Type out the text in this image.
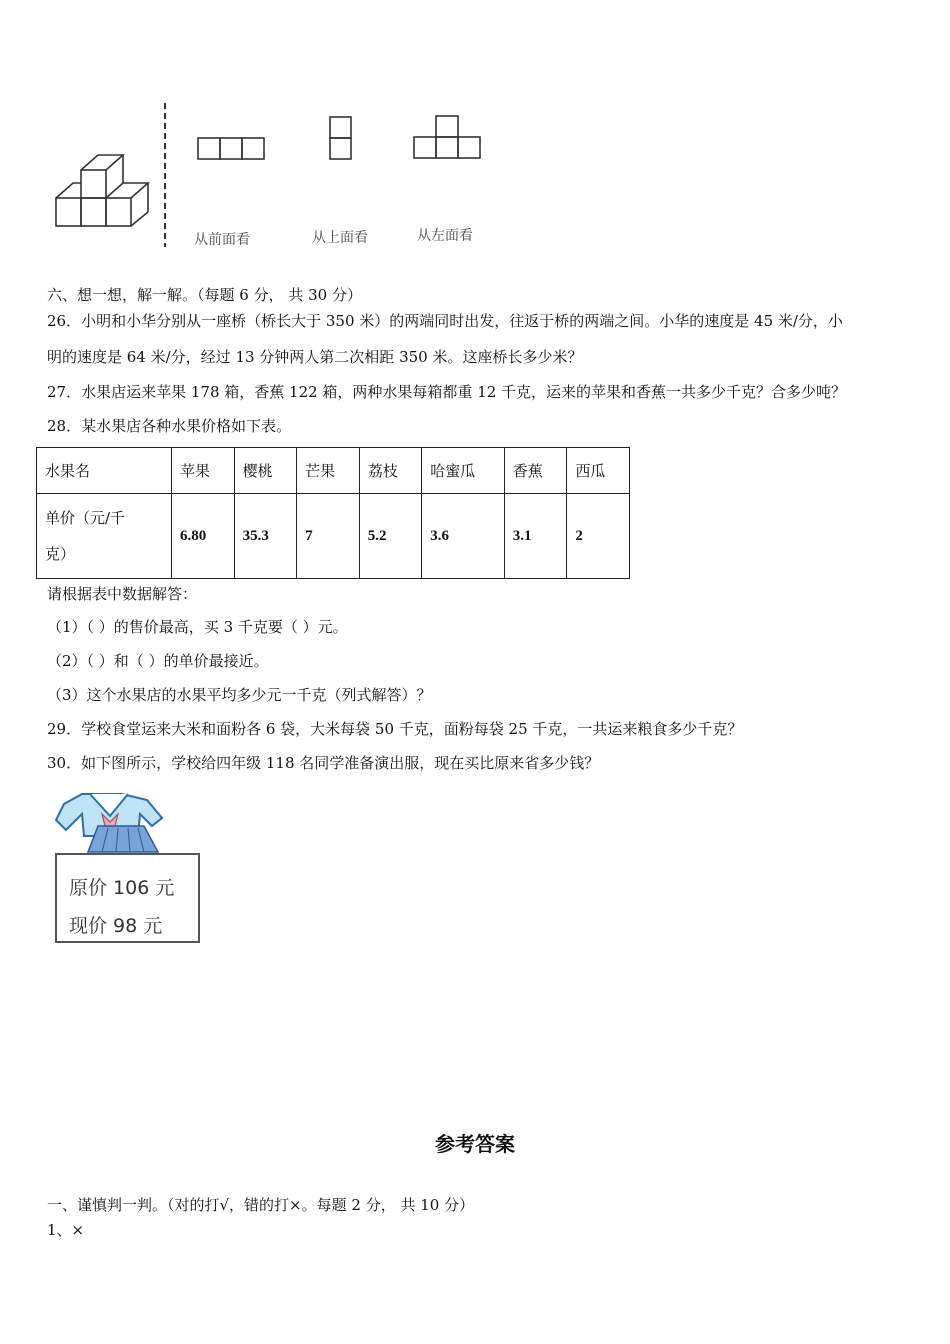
从前面看	从上面看	从左面看
六、想一想，解一解。（每题 6 分， 共 30 分）
26．小明和小华分别从一座桥（桥长大于 350 米）的两端同时出发，往返于桥的两端之间。小华的速度是 45 米/分，小
明的速度是 64 米/分，经过 13 分钟两人第二次相距 350 米。这座桥长多少米？
27．水果店运来苹果 178 箱，香蕉 122 箱，两种水果每箱都重 12 千克，运来的苹果和香蕉一共多少千克？合多少吨？
28．某水果店各种水果价格如下表。
水果名	苹果	樱桃	芒果	荔枝	哈蜜瓜	香蕉	西瓜
单价（元/千
克）	6.80	35.3	7	5.2	3.6	3.1	2
请根据表中数据解答：
（1）（ ）的售价最高，买 3 千克要（ ）元。
（2）（ ）和（ ）的单价最接近。
（3）这个水果店的水果平均多少元一千克（列式解答）？
29．学校食堂运来大米和面粉各 6 袋，大米每袋 50 千克，面粉每袋 25 千克，一共运来粮食多少千克？
30．如下图所示，学校给四年级 118 名同学准备演出服，现在买比原来省多少钱？
原价 106 元
现价 98 元
参考答案
一、谨慎判一判。（对的打√，错的打×。每题 2 分， 共 10 分）
1、×
